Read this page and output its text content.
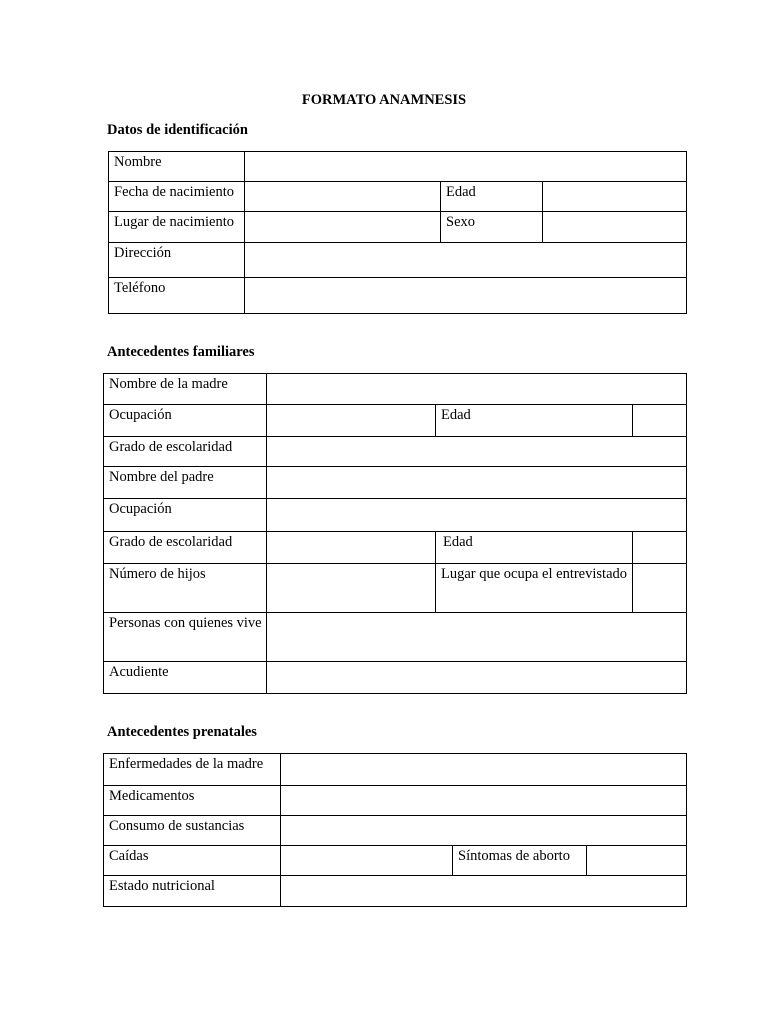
FORMATO ANAMNESIS
Datos de identificación
Nombre			
Fecha de nacimiento		Edad	
Lugar de nacimiento		Sexo	
Dirección			
Teléfono			
Antecedentes familiares
Nombre de la madre			
Ocupación		Edad	
Grado de escolaridad			
Nombre del padre			
Ocupación			
Grado de escolaridad		Edad	
Número de hijos		Lugar que ocupa el entrevistado	
Personas con quienes vive			
Acudiente			
Antecedentes prenatales
Enfermedades de la madre			
Medicamentos			
Consumo de sustancias			
Caídas		Síntomas de aborto	
Estado nutricional			
